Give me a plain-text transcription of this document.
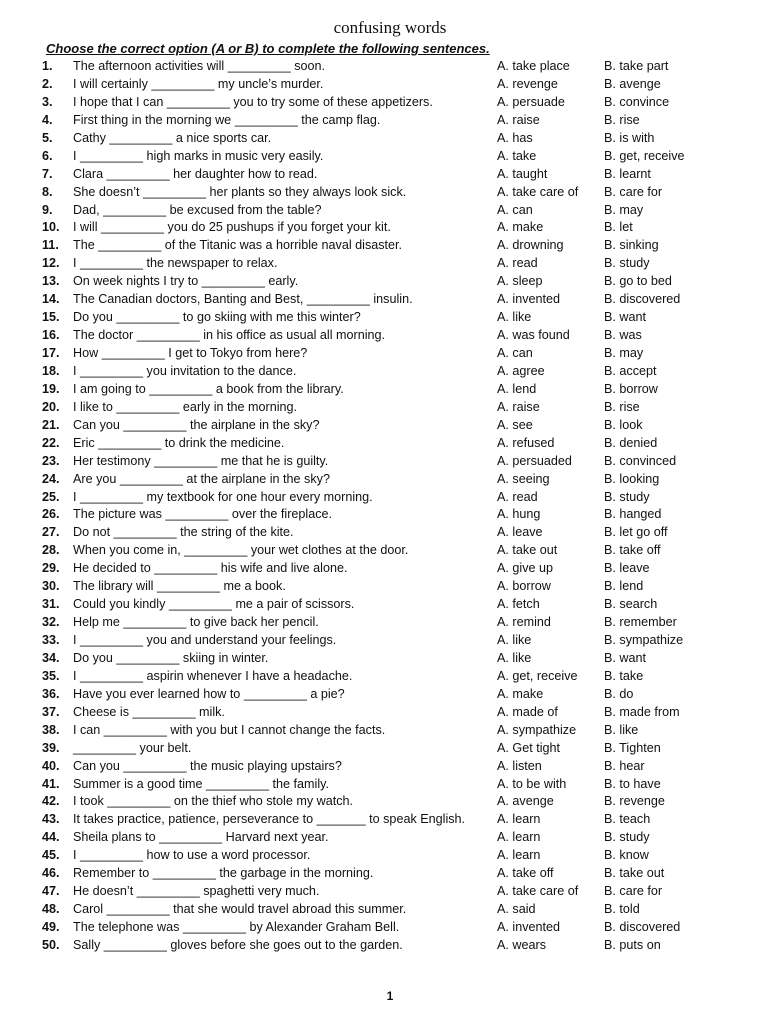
confusing words
Choose the correct option (A or B) to complete the following sentences.
1.	The afternoon activities will _________ soon.	A. take place	B. take part
2.	I will certainly _________ my uncle’s murder.	A. revenge	B. avenge
3.	I hope that I can _________ you to try some of these appetizers.	A. persuade	B. convince
4.	First thing in the morning we _________ the camp flag.	A. raise	B. rise
5.	Cathy _________ a nice sports car.	A. has	B. is with
6.	I _________ high marks in music very easily.	A. take	B. get, receive
7.	Clara _________ her daughter how to read.	A. taught	B. learnt
8.	She doesn’t _________ her plants so they always look sick.	A. take care of B. care for
9.	Dad, _________ be excused from the table?	A. can	B. may
10.	I will _________ you do 25 pushups if you forget your kit.	A. make	B. let
11.	The _________ of the Titanic was a horrible naval disaster.	A. drowning	B. sinking
12.	I _________ the newspaper to relax.	A. read	B. study
13.	On week nights I try to _________ early.	A. sleep	B. go to bed
14.	The Canadian doctors, Banting and Best, _________ insulin.	A. invented	B. discovered
15.	Do you _________ to go skiing with me this winter?	A. like	B. want
16.	The doctor _________ in his office as usual all morning.	A. was found	B. was
17.	How _________ I get to Tokyo from here?	A. can	B. may
18.	I _________ you invitation to the dance.	A. agree	B. accept
19.	I am going to _________ a book from the library.	A. lend	B. borrow
20.	I like to _________ early in the morning.	A. raise	B. rise
21.	Can you _________ the airplane in the sky?	A. see	B. look
22.	Eric _________ to drink the medicine.	A. refused	B. denied
23.	Her testimony _________ me that he is guilty.	A. persuaded	B. convinced
24.	Are you _________ at the airplane in the sky?	A. seeing	B. looking
25.	I _________ my textbook for one hour every morning.	A. read	B. study
26.	The picture was _________ over the fireplace.	A. hung	B. hanged
27.	Do not _________ the string of the kite.	A. leave	B. let go off
28.	When you come in, _________ your wet clothes at the door.	A. take out	B. take off
29.	He decided to _________ his wife and live alone.	A. give up	B. leave
30.	The library will _________ me a book.	A. borrow	B. lend
31.	Could you kindly _________ me a pair of scissors.	A. fetch	B. search
32.	Help me _________ to give back her pencil.	A. remind	B. remember
33.	I _________ you and understand your feelings.	A. like	B. sympathize
34.	Do you _________ skiing in winter.	A. like	B. want
35.	I _________ aspirin whenever I have a headache.	A. get, receive B. take
36.	Have you ever learned how to _________ a pie?	A. make	B. do
37.	Cheese is _________ milk.	A. made of	B. made from
38.	I can _________ with you but I cannot change the facts.	A. sympathize B. like
39.	_________ your belt.	A. Get tight	B. Tighten
40.	Can you _________ the music playing upstairs?	A. listen	B. hear
41.	Summer is a good time _________ the family.	A. to be with	B. to have
42.	I took _________ on the thief who stole my watch.	A. avenge	B. revenge
43.	It takes practice, patience, perseverance to _______ to speak English.	A. learn	B. teach
44.	Sheila plans to _________ Harvard next year.	A. learn	B. study
45.	I _________ how to use a word processor.	A. learn	B. know
46.	Remember to _________ the garbage in the morning.	A. take off	B. take out
47.	He doesn’t _________ spaghetti very much.	A. take care of B. care for
48.	Carol _________ that she would travel abroad this summer.	A. said	B. told
49.	The telephone was _________ by Alexander Graham Bell.	A. invented	B. discovered
50.	Sally _________ gloves before she goes out to the garden.	A. wears	B. puts on
1
